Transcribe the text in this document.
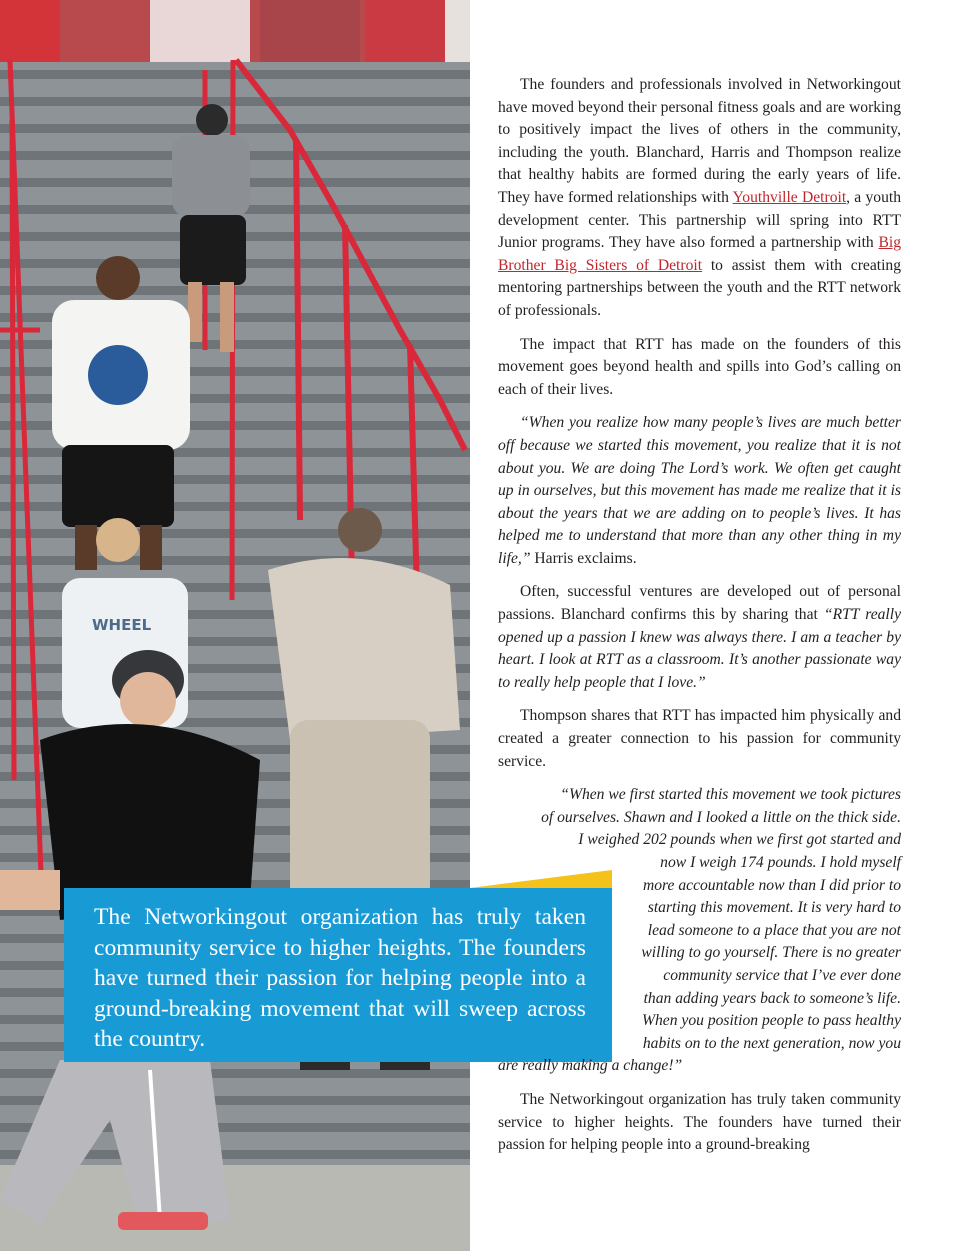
WHEEL
The Networkingout organization has truly taken community service to higher heights. The founders have turned their passion for helping people into a ground-breaking movement that will sweep across the country.

The founders and professionals involved in Networkingout have moved beyond their personal fitness goals and are working to positively impact the lives of others in the community, including the youth. Blanchard, Harris and Thompson realize that healthy habits are formed during the early years of life. They have formed relationships with Youthville Detroit, a youth development center. This partnership will spring into RTT Junior programs. They have also formed a partnership with Big Brother Big Sisters of Detroit to assist them with creating mentoring partnerships between the youth and the RTT network of professionals.

The impact that RTT has made on the founders of this movement goes beyond health and spills into God’s calling on each of their lives.

“When you realize how many people’s lives are much better off because we started this movement, you realize that it is not about you. We are doing The Lord’s work. We often get caught up in ourselves, but this movement has made me realize that it is about the years that we are adding on to people’s lives. It has helped me to understand that more than any other thing in my life,” Harris exclaims.

Often, successful ventures are developed out of personal passions. Blanchard confirms this by sharing that “RTT really opened up a passion I knew was always there. I am a teacher by heart. I look at RTT as a classroom. It’s another passionate way to really help people that I love.”

Thompson shares that RTT has impacted him physically and created a greater connection to his passion for community service.

“When we first started this movement we took pictures
of ourselves. Shawn and I looked a little on the thick side.
I weighed 202 pounds when we first got started and
now I weigh 174 pounds. I hold myself
more accountable now than I did prior to
starting this movement. It is very hard to
lead someone to a place that you are not
willing to go yourself. There is no greater
community service that I’ve ever done
than adding years back to someone’s life.
When you position people to pass healthy
habits on to the next generation, now you
are really making a change!”

The Networkingout organization has truly taken community service to higher heights. The founders have turned their passion for helping people into a ground-breaking
